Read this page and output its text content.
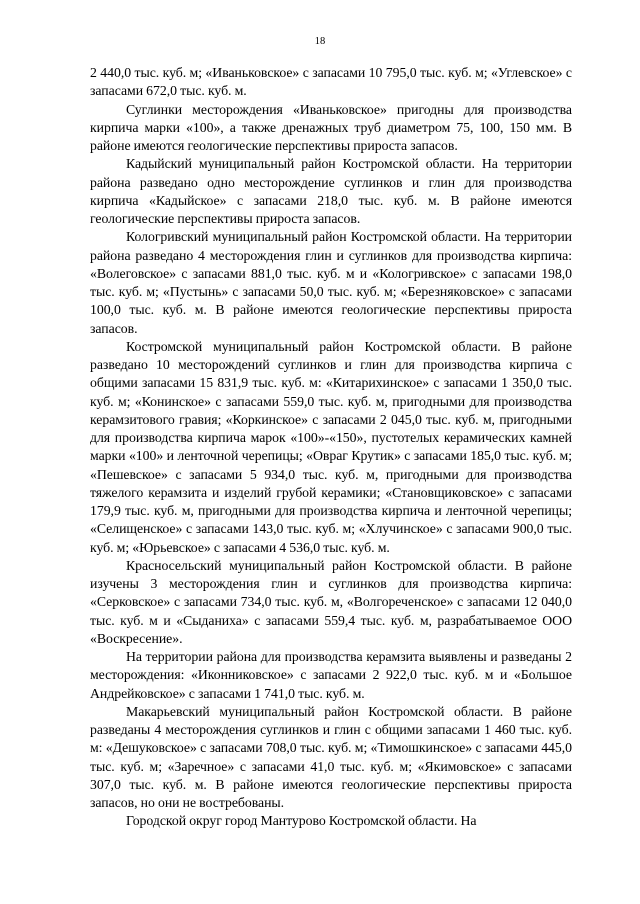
18

2 440,0 тыс. куб. м; «Иваньковское» с запасами 10 795,0 тыс. куб. м; «Углевское» с запасами 672,0 тыс. куб. м.

Суглинки месторождения «Иваньковское» пригодны для производства кирпича марки «100», а также дренажных труб диаметром 75, 100, 150 мм. В районе имеются геологические перспективы прироста запасов.

Кадыйский муниципальный район Костромской области. На территории района разведано одно месторождение суглинков и глин для производства кирпича «Кадыйское» с запасами 218,0 тыс. куб. м. В районе имеются геологические перспективы прироста запасов.

Кологривский муниципальный район Костромской области. На территории района разведано 4 месторождения глин и суглинков для производства кирпича: «Волеговское» с запасами 881,0 тыс. куб. м и «Кологривское» с запасами 198,0 тыс. куб. м; «Пустынь» с запасами 50,0 тыс. куб. м; «Березняковское» с запасами 100,0 тыс. куб. м. В районе имеются геологические перспективы прироста запасов.

Костромской муниципальный район Костромской области. В районе разведано 10 месторождений суглинков и глин для производства кирпича с общими запасами 15 831,9 тыс. куб. м: «Китарихинское» с запасами 1 350,0 тыс. куб. м; «Конинское» с запасами 559,0 тыс. куб. м, пригодными для производства керамзитового гравия; «Коркинское» с запасами 2 045,0 тыс. куб. м, пригодными для производства кирпича марок «100»-«150», пустотелых керамических камней марки «100» и ленточной черепицы; «Овраг Крутик» с запасами 185,0 тыс. куб. м; «Пешевское» с запасами 5 934,0 тыс. куб. м, пригодными для производства тяжелого керамзита и изделий грубой керамики; «Становщиковское» с запасами 179,9 тыс. куб. м, пригодными для производства кирпича и ленточной черепицы; «Селищенское» с запасами 143,0 тыс. куб. м; «Хлучинское» с запасами 900,0 тыс. куб. м; «Юрьевское» с запасами 4 536,0 тыс. куб. м.

Красносельский муниципальный район Костромской области. В районе изучены 3 месторождения глин и суглинков для производства кирпича: «Серковское» с запасами 734,0 тыс. куб. м, «Волгореченское» с запасами 12 040,0 тыс. куб. м и «Сыданиха» с запасами 559,4 тыс. куб. м, разрабатываемое ООО «Воскресение».

На территории района для производства керамзита выявлены и разведаны 2 месторождения: «Иконниковское» с запасами 2 922,0 тыс. куб. м и «Большое Андрейковское» с запасами 1 741,0 тыс. куб. м.

Макарьевский муниципальный район Костромской области. В районе разведаны 4 месторождения суглинков и глин с общими запасами 1 460 тыс. куб. м: «Дешуковское» с запасами 708,0 тыс. куб. м; «Тимошкинское» с запасами 445,0 тыс. куб. м; «Заречное» с запасами 41,0 тыс. куб. м; «Якимовское» с запасами 307,0 тыс. куб. м. В районе имеются геологические перспективы прироста запасов, но они не востребованы.

Городской округ город Мантурово Костромской области. На
